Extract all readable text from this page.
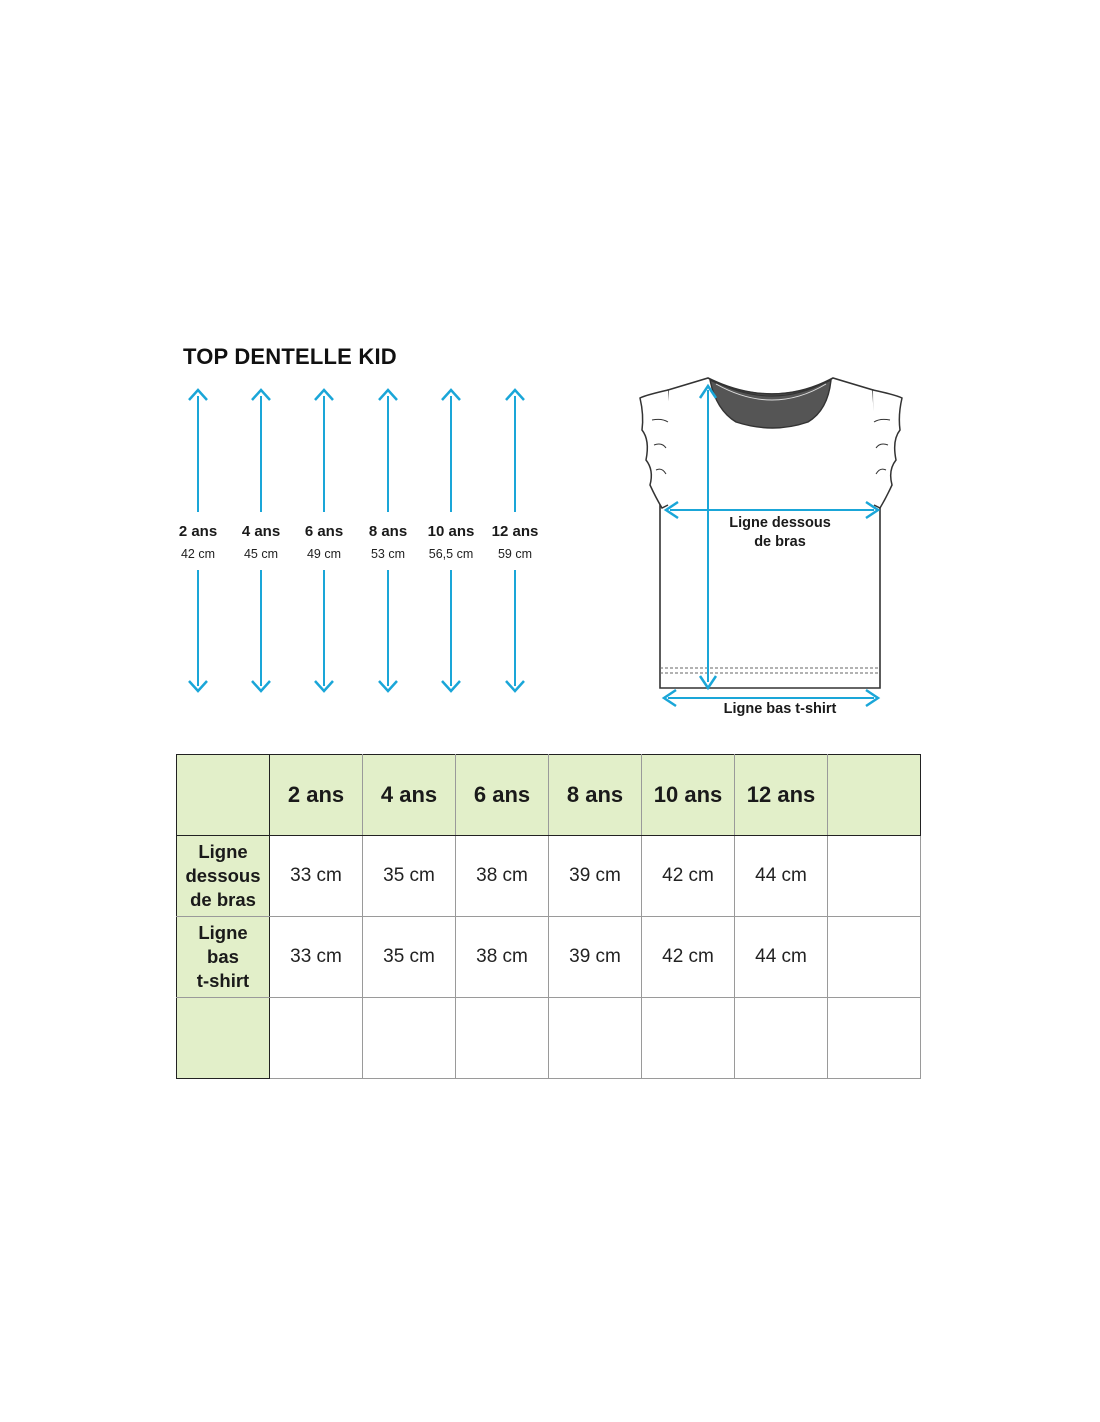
TOP DENTELLE KID
2 ans
42 cm
4 ans
45 cm
6 ans
49 cm
8 ans
53 cm
10 ans
56,5 cm
12 ans
59 cm
Ligne dessous
de bras
Ligne bas t-shirt
	2 ans	4 ans	6 ans	8 ans	10 ans	12 ans	

Ligne
dessous
de bras	33 cm	35 cm	38 cm	39 cm	42 cm	44 cm	

Ligne
bas
t-shirt	33 cm	35 cm	38 cm	39 cm	42 cm	44 cm	
